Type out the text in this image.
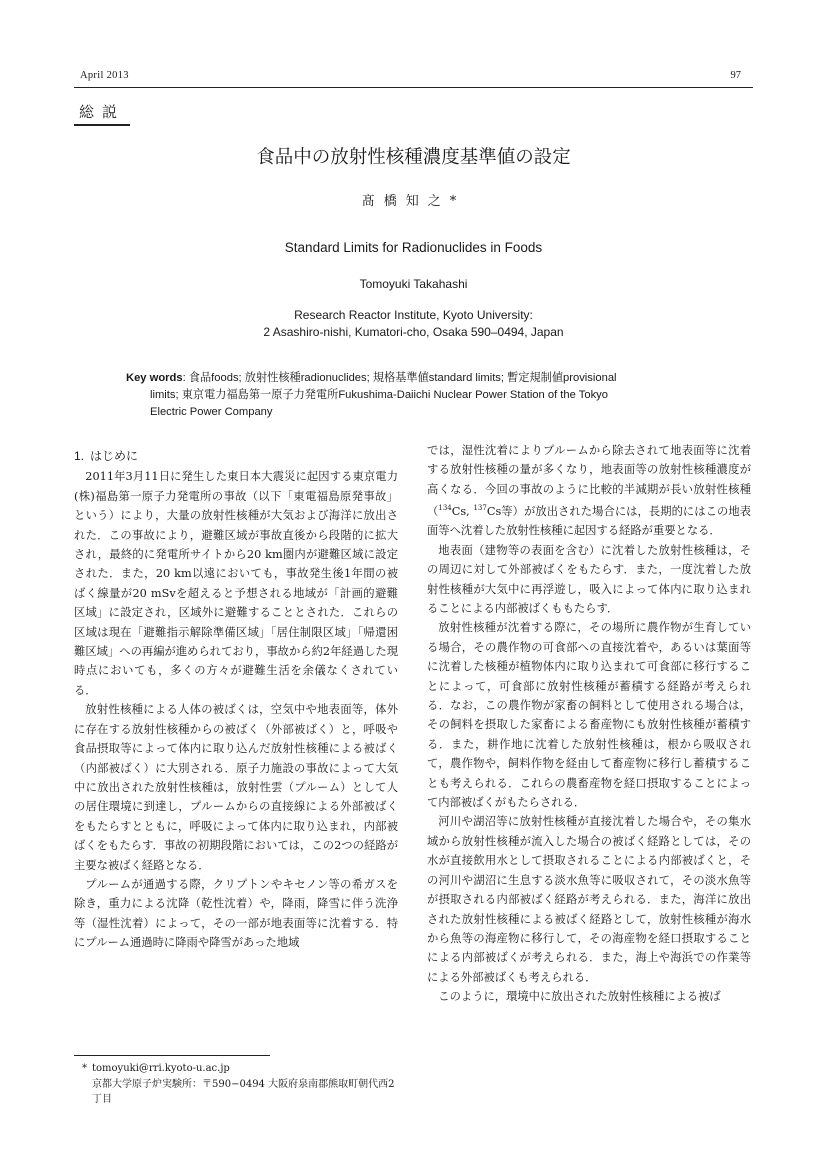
April 2013	97
総説
食品中の放射性核種濃度基準値の設定
髙橋知之*
Standard Limits for Radionuclides in Foods
Tomoyuki Takahashi
Research Reactor Institute, Kyoto University:
2 Asashiro-nishi, Kumatori-cho, Osaka 590–0494, Japan
Key words: 食品foods; 放射性核種radionuclides; 規格基準値standard limits; 暫定規制値provisional
limits; 東京電力福島第一原子力発電所Fukushima-Daiichi Nuclear Power Station of the Tokyo
Electric Power Company
1. はじめに

2011年3月11日に発生した東日本大震災に起因する東京電力(株)福島第一原子力発電所の事故（以下「東電福島原発事故」という）により，大量の放射性核種が大気および海洋に放出された．この事故により，避難区域が事故直後から段階的に拡大され，最終的に発電所サイトから20 km圏内が避難区域に設定された．また，20 km以遠においても，事故発生後1年間の被ばく線量が20 mSvを超えると予想される地域が「計画的避難区域」に設定され，区域外に避難することとされた．これらの区域は現在「避難指示解除準備区域」「居住制限区域」「帰還困難区域」への再編が進められており，事故から約2年経過した現時点においても，多くの方々が避難生活を余儀なくされている．

放射性核種による人体の被ばくは，空気中や地表面等，体外に存在する放射性核種からの被ばく（外部被ばく）と，呼吸や食品摂取等によって体内に取り込んだ放射性核種による被ばく（内部被ばく）に大別される．原子力施設の事故によって大気中に放出された放射性核種は，放射性雲（プルーム）として人の居住環境に到達し，プルームからの直接線による外部被ばくをもたらすとともに，呼吸によって体内に取り込まれ，内部被ばくをもたらす．事故の初期段階においては，この2つの経路が主要な被ばく経路となる．

プルームが通過する際，クリプトンやキセノン等の希ガスを除き，重力による沈降（乾性沈着）や，降雨，降雪に伴う洗浄等（湿性沈着）によって，その一部が地表面等に沈着する．特にプルーム通過時に降雨や降雪があった地域

では，湿性沈着によりプルームから除去されて地表面等に沈着する放射性核種の量が多くなり，地表面等の放射性核種濃度が高くなる．今回の事故のように比較的半減期が長い放射性核種（$^{134}$Cs, $^{137}$Cs等）が放出された場合には，長期的にはこの地表面等へ沈着した放射性核種に起因する経路が重要となる．

地表面（建物等の表面を含む）に沈着した放射性核種は，その周辺に対して外部被ばくをもたらす．また，一度沈着した放射性核種が大気中に再浮遊し，吸入によって体内に取り込まれることによる内部被ばくももたらす．

放射性核種が沈着する際に，その場所に農作物が生育している場合，その農作物の可食部への直接沈着や，あるいは葉面等に沈着した核種が植物体内に取り込まれて可食部に移行することによって，可食部に放射性核種が蓄積する経路が考えられる．なお，この農作物が家畜の飼料として使用される場合は，その飼料を摂取した家畜による畜産物にも放射性核種が蓄積する．また，耕作地に沈着した放射性核種は，根から吸収されて，農作物や，飼料作物を経由して畜産物に移行し蓄積することも考えられる．これらの農畜産物を経口摂取することによって内部被ばくがもたらされる．

河川や湖沼等に放射性核種が直接沈着した場合や，その集水域から放射性核種が流入した場合の被ばく経路としては，その水が直接飲用水として摂取されることによる内部被ばくと，その河川や湖沼に生息する淡水魚等に吸収されて，その淡水魚等が摂取される内部被ばく経路が考えられる．また，海洋に放出された放射性核種による被ばく経路として，放射性核種が海水から魚等の海産物に移行して，その海産物を経口摂取することによる内部被ばくが考えられる．また，海上や海浜での作業等による外部被ばくも考えられる．

このように，環境中に放出された放射性核種による被ば

* tomoyuki@rri.kyoto-u.ac.jp
京都大学原子炉実験所：〒590−0494 大阪府泉南郡熊取町朝代西2丁目
